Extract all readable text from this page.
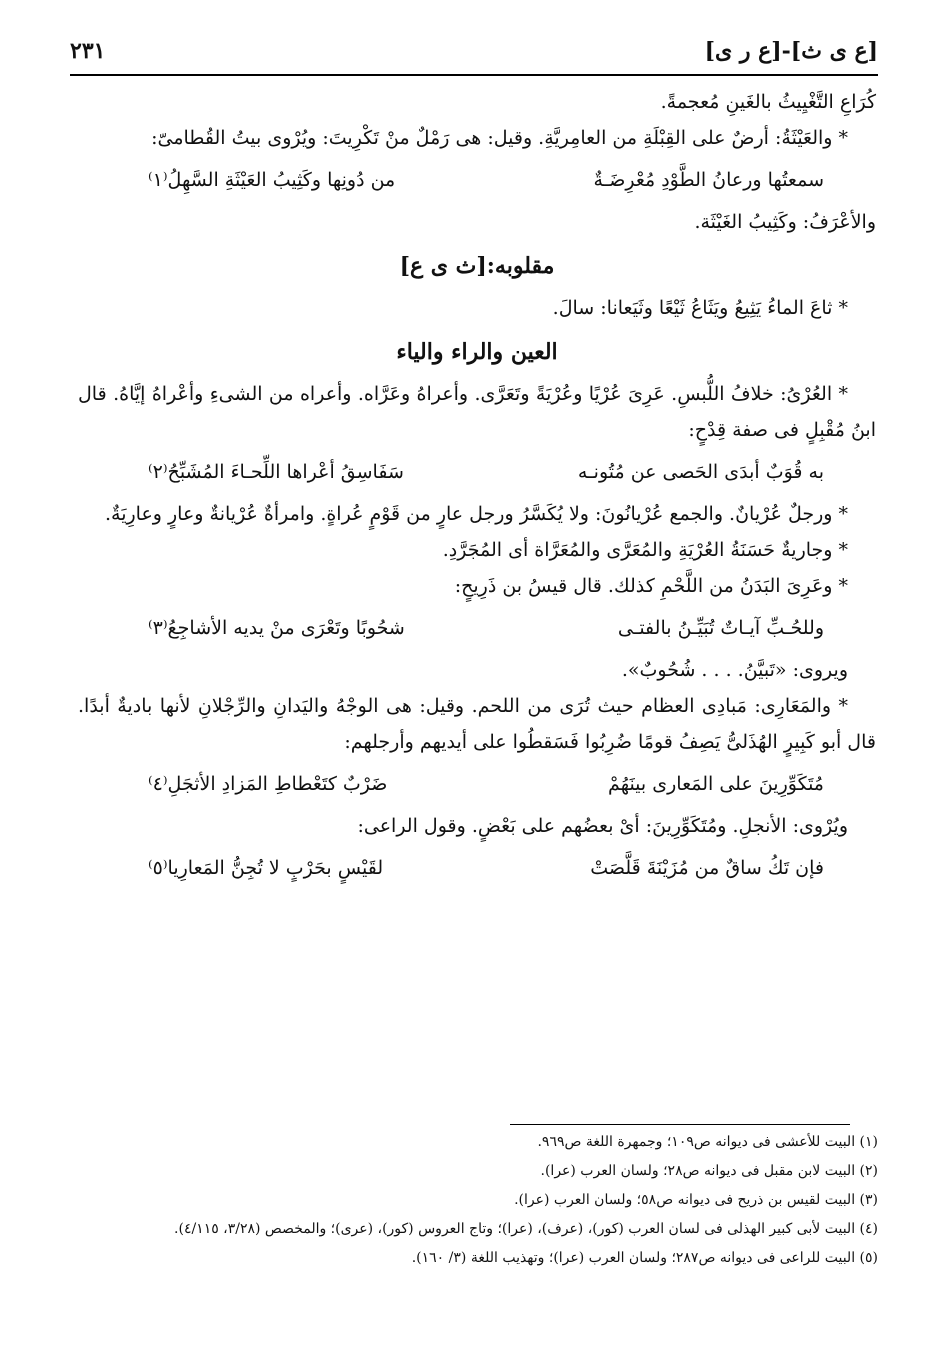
[ع ى ث]-[ع ر ى]
٢٣١

كُرَاعِ التَّغْيِيثُ بالغَينِ مُعجمةً.

* والعَيْثَةُ: أرضٌ على القِبْلَةِ من العامِريَّةِ. وقيل: هى رَمْلٌ منْ تَكْرِيتَ: ويُرْوى بيتُ القُطامىّ:

سمعتُها ورعانُ الطَّوْدِ مُعْرِضَـةٌ
من دُونِها وكَثِيبُ العَيْثَةِ السَّهِلُ⁽١⁾

والأعْرَفُ: وكَثِيبُ الغَيْثَة.

مقلوبه:[ث ى ع]

* ثاعَ الماءُ يَثِيعُ ويَثَاعُ ثَيْعًا وثَيَعانا: سالَ.

العين والراء والياء

* العُرْىُ: خلافُ اللُّبسِ. عَرِىَ عُرْيًا وعُرْيَةً وتَعَرَّى. وأعراهُ وعَرَّاه. وأعراه من الشىءِ وأعْراهُ إيَّاهُ. قال ابنُ مُقْبِلٍ فى صفة قِدْحٍ:

به قُوَبٌ أبدَى الحَصى عن مُتُونـه
سَفَاسِقُ أعْراها اللِّحـاءَ المُشَبِّحُ⁽٢⁾

* ورجلٌ عُرْيانٌ. والجمع عُرْيانُونَ: ولا يُكَسَّرُ ورجل عارٍ من قَوْمٍ عُراةٍ. وامرأةٌ عُرْيانةٌ وعارٍ وعارِيَةٌ.

* وجاريةٌ حَسَنَةُ العُرْيَةِ والمُعَرَّى والمُعَرَّاة أى المُجَرَّدِ.

* وعَرِىَ البَدَنُ من اللَّحْمِ كذلك. قال قيسُ بن ذَرِيحٍ:

وللحُـبِّ آيـاتٌ تُبَيِّـنُ بالفتـى
شحُوبًا وتَعْرَى منْ يديه الأشاجِعُ⁽٣⁾

ويروى: «تَبيَّنُ. . . . شُحُوبٌ».

* والمَعَارِى: مَبادِى العظام حيث تُرَى من اللحم. وقيل: هى الوجْهُ واليَدانِ والرِّجْلانِ لأنها باديةٌ أبدًا. قال أبو كَبِيرٍ الهُذَلىُّ يَصِفُ قومًا ضُرِبُوا فَسَقطُوا على أيديهم وأرجلهم:

مُتَكَوِّرِينَ على المَعارى بينَهُمْ
ضَرْبٌ كتَعْطاطِ المَزادِ الأثجَلِ⁽٤⁾

ويُرْوى: الأنجلِ. ومُتَكَوِّرِينَ: أىْ بعضُهم على بَعْضٍ. وقول الراعى:

فإن تَكُ ساقٌ من مُزَيْنَةَ قَلَّصَتْ
لقَيْسٍ بحَرْبٍ لا تُجِنُّ المَعارِيا⁽٥⁾

(١) البيت للأعشى فى ديوانه ص١٠٩؛ وجمهرة اللغة ص٩٦٩.

(٢) البيت لابن مقبل فى ديوانه ص٢٨؛ ولسان العرب (عرا).

(٣) البيت لقيس بن ذريح فى ديوانه ص٥٨؛ ولسان العرب (عرا).

(٤) البيت لأبى كبير الهذلى فى لسان العرب (كور)، (عرف)، (عرا)؛ وتاج العروس (كور)، (عرى)؛ والمخصص (٣/٢٨، ٤/١١٥).

(٥) البيت للراعى فى ديوانه ص٢٨٧؛ ولسان العرب (عرا)؛ وتهذيب اللغة (٣/ ١٦٠).
